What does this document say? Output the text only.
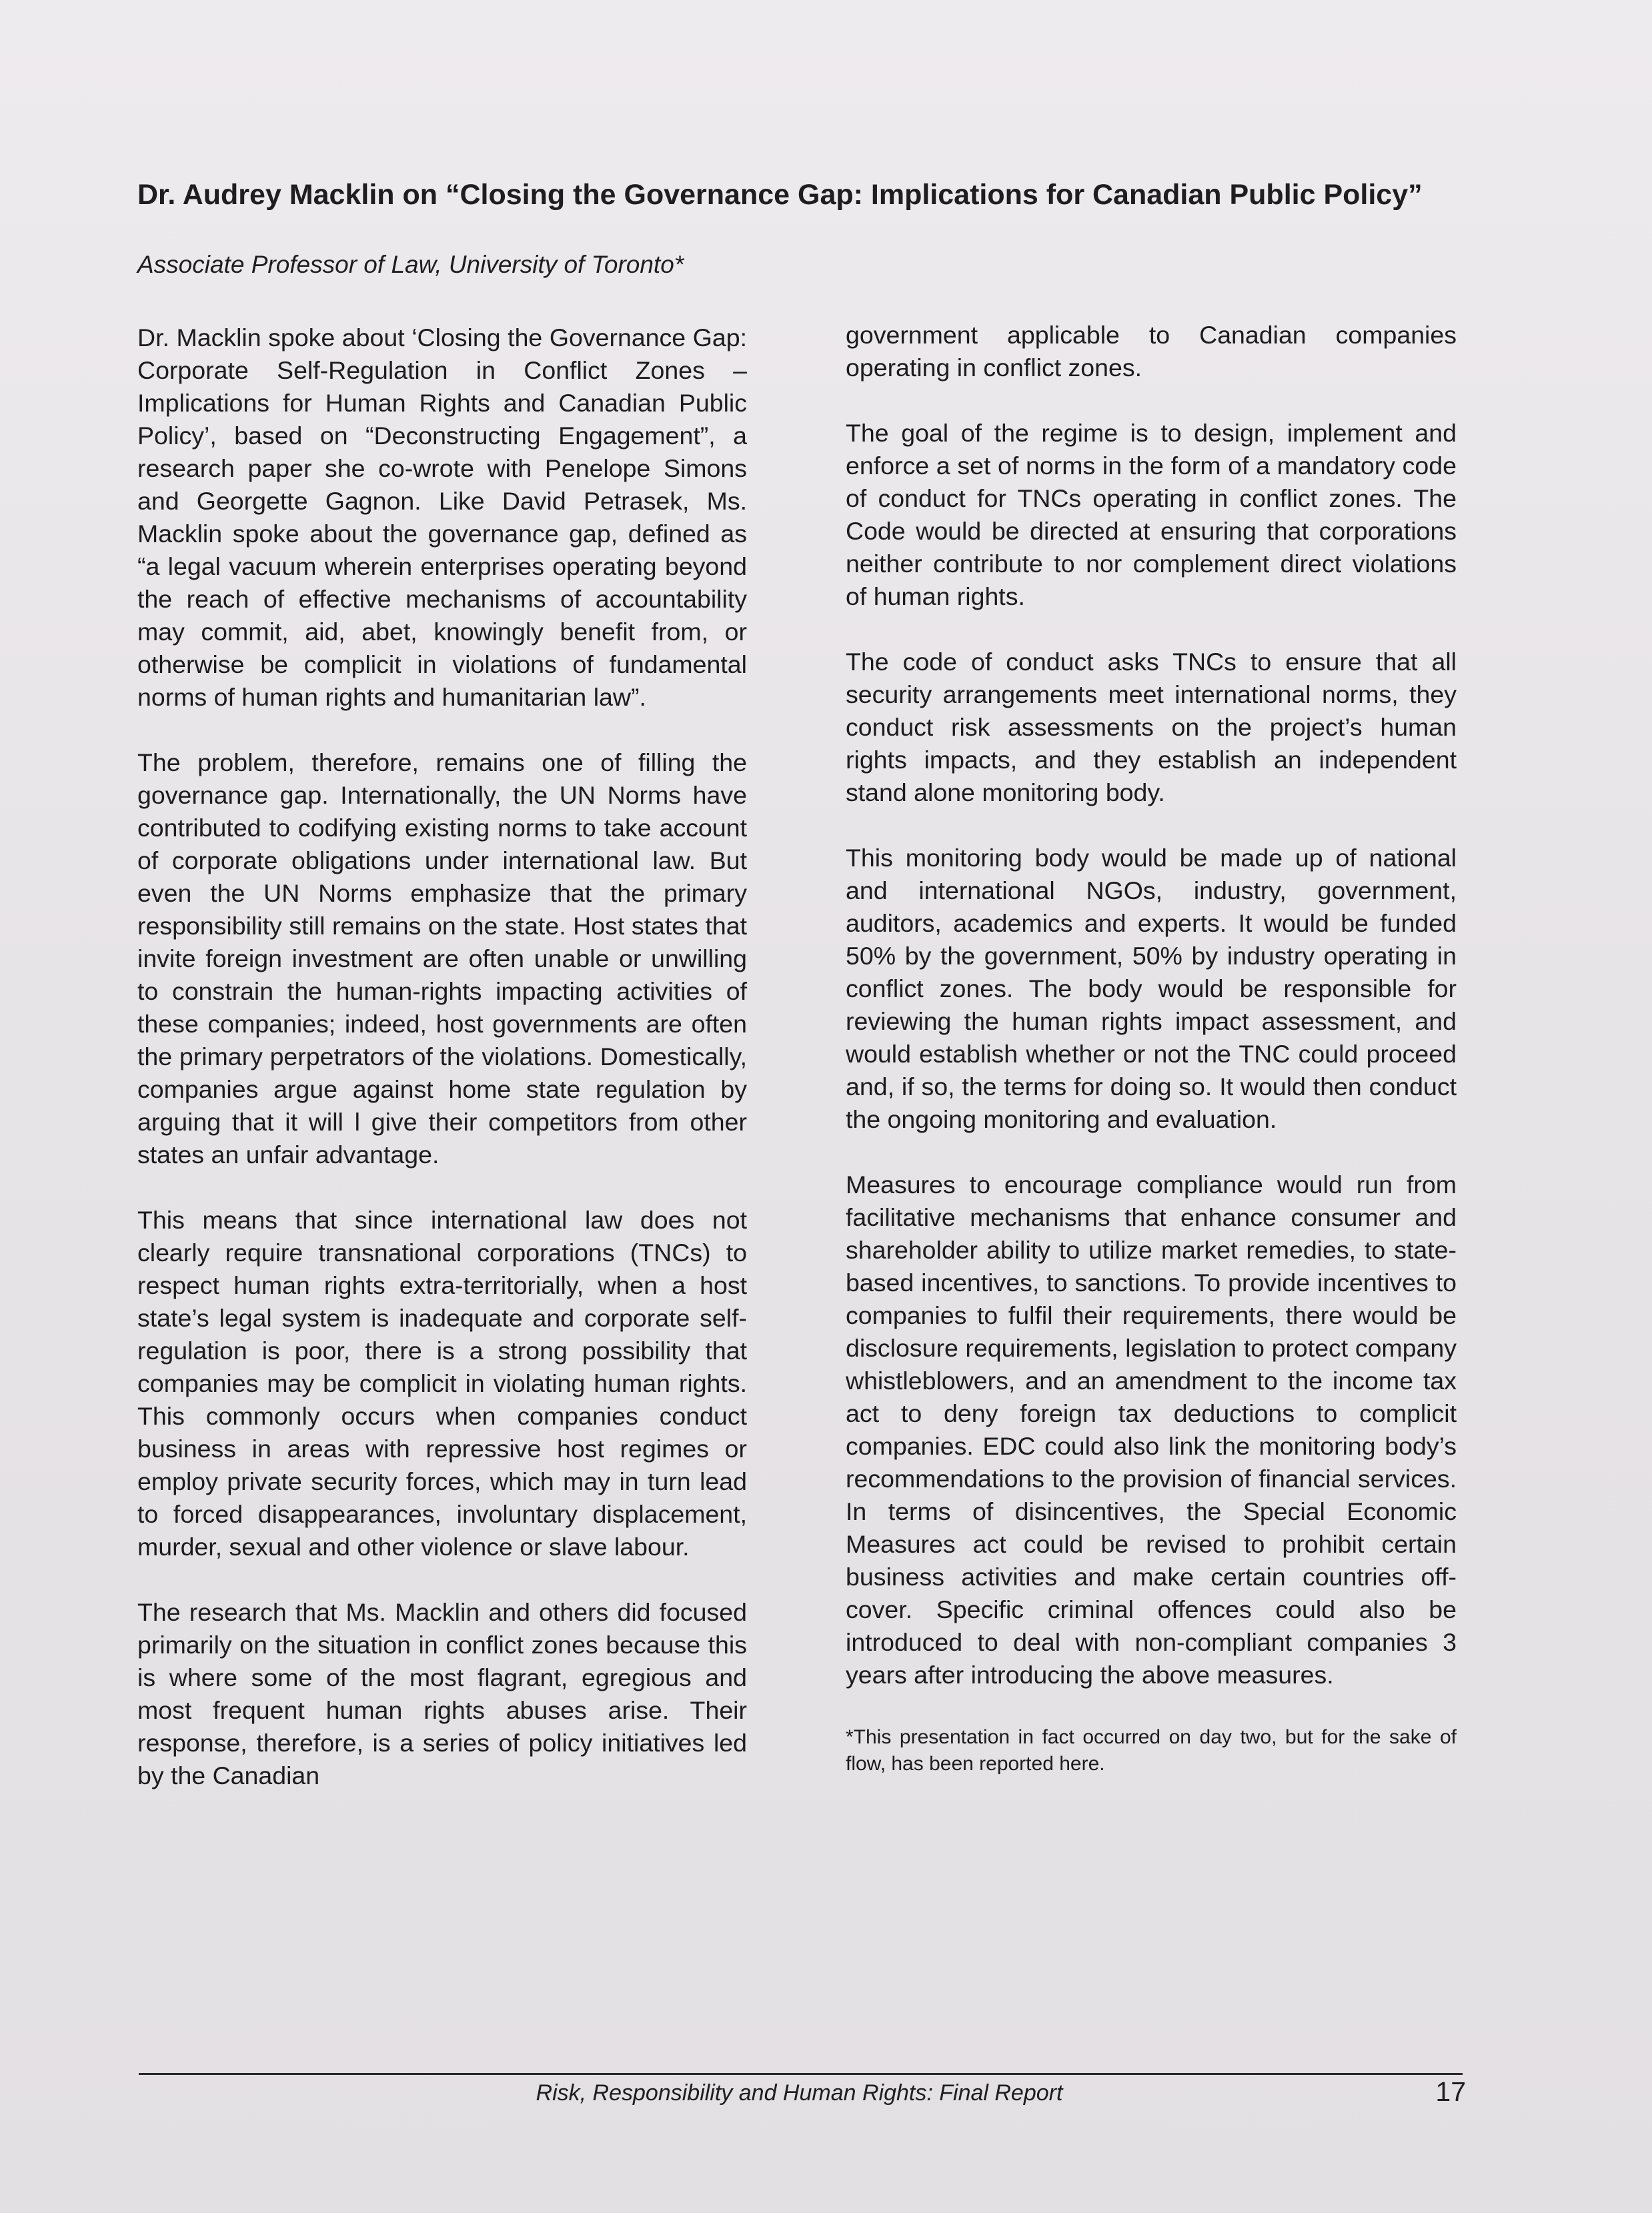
Dr. Audrey Macklin on “Closing the Governance Gap: Implications for Canadian Public Policy”

Associate Professor of Law, University of Toronto*

Dr. Macklin spoke about ‘Closing the Governance Gap: Corporate Self-Regulation in Conflict Zones – Implications for Human Rights and Canadian Public Policy’, based on “Deconstructing Engagement”, a research paper she co-wrote with Penelope Simons and Georgette Gagnon. Like David Petrasek, Ms. Macklin spoke about the governance gap, defined as “a legal vacuum wherein enterprises operating beyond the reach of effective mechanisms of accountability may commit, aid, abet, knowingly benefit from, or otherwise be complicit in violations of fundamental norms of human rights and humanitarian law”.

The problem, therefore, remains one of filling the governance gap. Internationally, the UN Norms have contributed to codifying existing norms to take account of corporate obligations under international law. But even the UN Norms emphasize that the primary responsibility still remains on the state. Host states that invite foreign investment are often unable or unwilling to constrain the human-rights impacting activities of these companies; indeed, host governments are often the primary perpetrators of the violations. Domestically, companies argue against home state regulation by arguing that it will l give their competitors from other states an unfair advantage.

This means that since international law does not clearly require transnational corporations (TNCs) to respect human rights extra-territorially, when a host state’s legal system is inadequate and corporate self-regulation is poor, there is a strong possibility that companies may be complicit in violating human rights. This commonly occurs when companies conduct business in areas with repressive host regimes or employ private security forces, which may in turn lead to forced disappearances, involuntary displacement, murder, sexual and other violence or slave labour.

The research that Ms. Macklin and others did focused primarily on the situation in conflict zones because this is where some of the most flagrant, egregious and most frequent human rights abuses arise. Their response, therefore, is a series of policy initiatives led by the Canadian

government applicable to Canadian companies operating in conflict zones.

The goal of the regime is to design, implement and enforce a set of norms in the form of a mandatory code of conduct for TNCs operating in conflict zones. The Code would be directed at ensuring that corporations neither contribute to nor complement direct violations of human rights.

The code of conduct asks TNCs to ensure that all security arrangements meet international norms, they conduct risk assessments on the project’s human rights impacts, and they establish an independent stand alone monitoring body.

This monitoring body would be made up of national and international NGOs, industry, government, auditors, academics and experts. It would be funded 50% by the government, 50% by industry operating in conflict zones. The body would be responsible for reviewing the human rights impact assessment, and would establish whether or not the TNC could proceed and, if so, the terms for doing so. It would then conduct the ongoing monitoring and evaluation.

Measures to encourage compliance would run from facilitative mechanisms that enhance consumer and shareholder ability to utilize market remedies, to state-based incentives, to sanctions. To provide incentives to companies to fulfil their requirements, there would be disclosure requirements, legislation to protect company whistleblowers, and an amendment to the income tax act to deny foreign tax deductions to complicit companies. EDC could also link the monitoring body’s recommendations to the provision of financial services. In terms of disincentives, the Special Economic Measures act could be revised to prohibit certain business activities and make certain countries off-cover. Specific criminal offences could also be introduced to deal with non-compliant companies 3 years after introducing the above measures.

*This presentation in fact occurred on day two, but for the sake of flow, has been reported here.

Risk, Responsibility and Human Rights: Final Report	17
